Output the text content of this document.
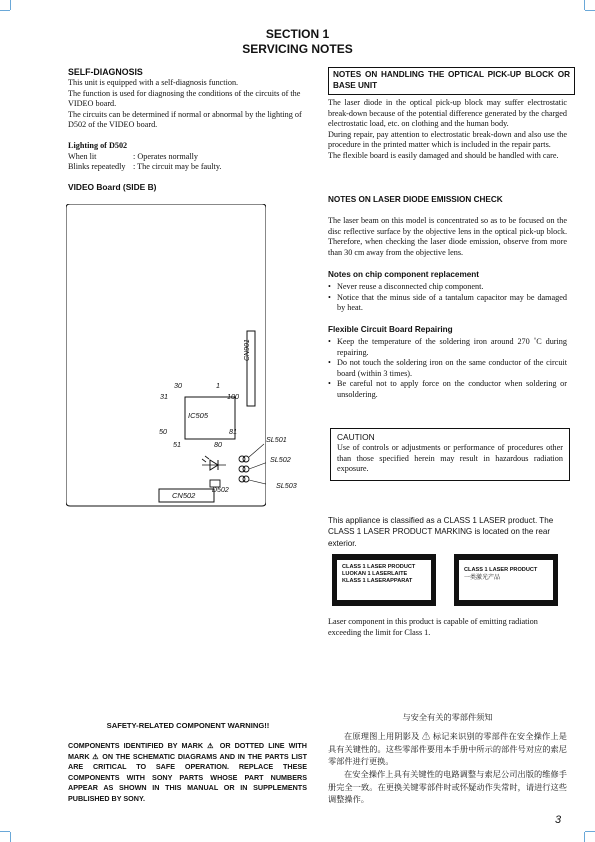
SECTION 1
SERVICING NOTES
SELF-DIAGNOSIS
This unit is equipped with a self-diagnosis function.
The function is used for diagnosing the conditions of the circuits of the VIDEO board.
The circuits can be determined if normal or abnormal by the lighting of D502 of the VIDEO board.
Lighting of D502
When lit	: Operates normally
Blinks repeatedly : The circuit may be faulty.
VIDEO Board (SIDE B)
CN901
IC505
30	1
31	100
50	81
51	80
SL501
SL502
SL503
CN502
D502
NOTES ON HANDLING THE OPTICAL PICK-UP BLOCK OR BASE UNIT
The laser diode in the optical pick-up block may suffer electrostatic break-down because of the potential difference generated by the charged electrostatic load, etc. on clothing and the human body.
During repair, pay attention to electrostatic break-down and also use the procedure in the printed matter which is included in the repair parts.
The flexible board is easily damaged and should be handled with care.
NOTES ON LASER DIODE EMISSION CHECK
The laser beam on this model is concentrated so as to be focused on the disc reflective surface by the objective lens in the optical pick-up block. Therefore, when checking the laser diode emission, observe from more than 30 cm away from the objective lens.
Notes on chip component replacement
• Never reuse a disconnected chip component.
• Notice that the minus side of a tantalum capacitor may be damaged by heat.
Flexible Circuit Board Repairing
• Keep the temperature of the soldering iron around 270 ˚C during repairing.
• Do not touch the soldering iron on the same conductor of the circuit board (within 3 times).
• Be careful not to apply force on the conductor when soldering or unsoldering.
CAUTION
Use of controls or adjustments or performance of procedures other than those specified herein may result in hazardous radiation exposure.
This appliance is classified as a CLASS 1 LASER product. The CLASS 1 LASER PRODUCT MARKING is located on the rear exterior.
CLASS 1 LASER PRODUCT
LUOKAN 1 LASERLAITE
KLASS 1 LASERAPPARAT
CLASS 1 LASER PRODUCT
一类激光产品
Laser component in this product is capable of emitting radiation exceeding the limit for Class 1.
SAFETY-RELATED COMPONENT WARNING!!
COMPONENTS IDENTIFIED BY MARK ⚠ OR DOTTED LINE WITH MARK ⚠ ON THE SCHEMATIC DIAGRAMS AND IN THE PARTS LIST ARE CRITICAL TO SAFE OPERATION. REPLACE THESE COMPONENTS WITH SONY PARTS WHOSE PART NUMBERS APPEAR AS SHOWN IN THIS MANUAL OR IN SUPPLEMENTS PUBLISHED BY SONY.
与安全有关的零部件须知
在原理图上用阴影及 ⚠ 标记来识别的零部件在安全操作上是具有关键性的。这些零部件要用本手册中所示的部件号对应的索尼零部件进行更换。
在安全操作上具有关键性的电路调整与索尼公司出版的维修手册完全一致。在更换关键零部件时或怀疑动作失常时，请进行这些调整操作。
3
